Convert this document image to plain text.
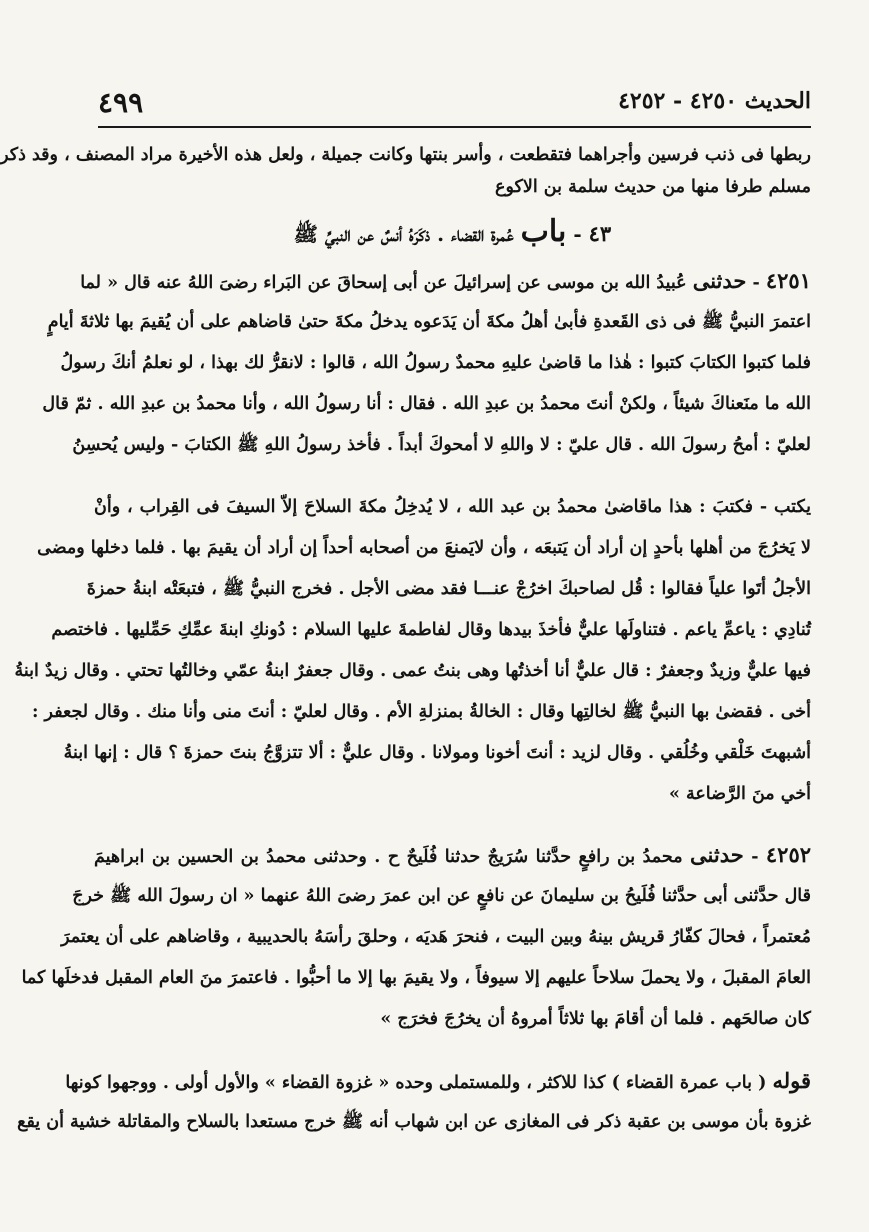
٤٩٩	الحديث ٤٢٥٠ - ٤٢٥٢
ربطها فى ذنب فرسين وأجراهما فتقطعت ، وأسر بنتها وكانت جميلة ، ولعل هذه الأخيرة مراد المصنف ، وقد ذكر
مسلم طرفا منها من حديث سلمة بن الاكوع
٤٣ - باب عُمرة القضاء . ذكَرَهُ أنسٌ عن النبيِّ ﷺ
٤٢٥١ - حدثنى عُبيدُ الله بن موسى عن إسرائيلَ عن أبى إسحاقَ عن البَراء رضىَ اللهُ عنه قال « لما
اعتمرَ النبيُّ ﷺ فى ذى القَعدةِ فأبىٰ أهلُ مكةَ أن يَدَعوه يدخلُ مكةَ حتىٰ قاضاهم على أن يُقيمَ بها ثلاثةَ أيامٍ
فلما كتبوا الكتابَ كتبوا : هٰذا ما قاضىٰ عليهِ محمدٌ رسولُ الله ، قالوا : لانقرُّ لك بهذا ، لو نعلمُ أنكَ رسولُ
الله ما منَعناكَ شيئاً ، ولكنْ أنتَ محمدُ بن عبدِ الله . فقال : أنا رسولُ الله ، وأنا محمدُ بن عبدِ الله . ثمّ قال
لعليّ : أمحُ رسولَ الله . قال عليّ : لا واللهِ لا أمحوكَ أبداً . فأخذ رسولُ اللهِ ﷺ الكتابَ - وليس يُحسِنُ
يكتب - فكتبَ : هذا ماقاضىٰ محمدُ بن عبد الله ، لا يُدخِلُ مكةَ السلاحَ إلاّ السيفَ فى القِراب ، وأنْ
لا يَخرُجَ من أهلها بأحدٍ إن أراد أن يَتبعَه ، وأن لايَمنعَ من أصحابه أحداً إن أراد أن يقيمَ بها . فلما دخلها ومضى
الأجلُ أتَوا علياً فقالوا : قُل لصاحبكَ اخرُجْ عنـــا فقد مضى الأجل . فخرج النبيُّ ﷺ ، فتبعَتْه ابنةُ حمزةَ
تُنادِي : ياعمِّ ياعم . فتناولَها عليٌّ فأخذَ بيدها وقال لفاطمةَ عليها السلام : دُونكِ ابنةَ عمِّكِ حَمِّليها . فاختصم
فيها عليٌّ وزيدٌ وجعفرٌ : قال عليٌّ أنا أخذتُها وهى بنتُ عمى . وقال جعفرٌ ابنةُ عمّي وخالتُها تحتي . وقال زيدٌ ابنةُ
أخى . فقضىٰ بها النبيُّ ﷺ لخالتِها وقال : الخالةُ بمنزلةِ الأم . وقال لعليّ : أنتَ منى وأنا منك . وقال لجعفر :
أشبهتَ خَلْقي وخُلُقي . وقال لزيد : أنتَ أخونا ومولانا . وقال عليٌّ : ألا تتزوَّجُ بنتَ حمزةَ ؟ قال : إنها ابنةُ
أخي منَ الرَّضاعة »
٤٢٥٢ - حدثنى محمدُ بن رافعٍ حدَّثنا سُرَيجٌ حدثنا فُلَيحٌ ح . وحدثنى محمدُ بن الحسين بن ابراهيمَ
قال حدَّثنى أبى حدَّثنا فُلَيحُ بن سليمانَ عن نافعٍ عن ابن عمرَ رضىَ اللهُ عنهما « ان رسولَ الله ﷺ خرجَ
مُعتمراً ، فحالَ كفّارُ قريش بينهُ وبين البيت ، فنحرَ هَديَه ، وحلقَ رأسَهُ بالحديبية ، وقاضاهم على أن يعتمرَ
العامَ المقبلَ ، ولا يحملَ سلاحاً عليهم إلا سيوفاً ، ولا يقيمَ بها إلا ما أحبُّوا . فاعتمرَ منَ العام المقبل فدخلَها كما
كان صالحَهم . فلما أن أقامَ بها ثلاثاً أمروهُ أن يخرُجَ فخرَج »
قوله ( باب عمرة القضاء ) كذا للاكثر ، وللمستملى وحده « غزوة القضاء » والأول أولى . ووجهوا كونها
غزوة بأن موسى بن عقبة ذكر فى المغازى عن ابن شهاب أنه ﷺ خرج مستعدا بالسلاح والمقاتلة خشية أن يقع
